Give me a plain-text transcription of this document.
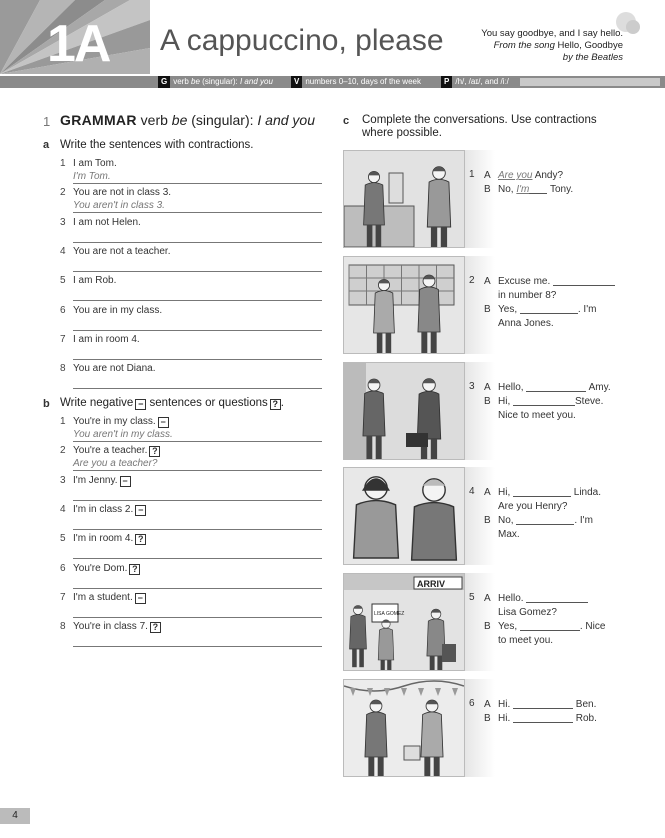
1A A cappuccino, please	You say goodbye, and I say hello.
From the song Hello, Goodbye
by the Beatles
G verb be (singular): I and you	V numbers 0–10, days of the week	P /h/, /aɪ/, and /iː/
1 GRAMMAR verb be (singular): I and you
a Write the sentences with contractions.
1 I am Tom.
I'm Tom.
2 You are not in class 3.
You aren't in class 3.
3 I am not Helen.
4 You are not a teacher.
5 I am Rob.
6 You are in my class.
7 I am in room 4.
8 You are not Diana.
b Write negative − sentences or questions ? .
1 You're in my class. −
You aren't in my class.
2 You're a teacher. ?
Are you a teacher?
3 I'm Jenny. −
4 I'm in class 2. −
5 I'm in room 4. ?
6 You're Dom. ?
7 I'm a student. −
8 You're in class 7. ?
c Complete the conversations. Use contractions where possible.
1 A Are you Andy?
B No, I'm Tony.
2 A Excuse me.
in number 8?
B Yes,	. I'm
Anna Jones.
3 A Hello,	Amy.
B Hi,	Steve.
Nice to meet you.
4 A Hi,	Linda.
Are you Henry?
B No,	. I'm
Max.
ARRIV
LISA GOMEZ
5 A Hello.
Lisa Gomez?
B Yes,	. Nice
to meet you.
6 A Hi.	Ben.
B Hi.	Rob.
4
